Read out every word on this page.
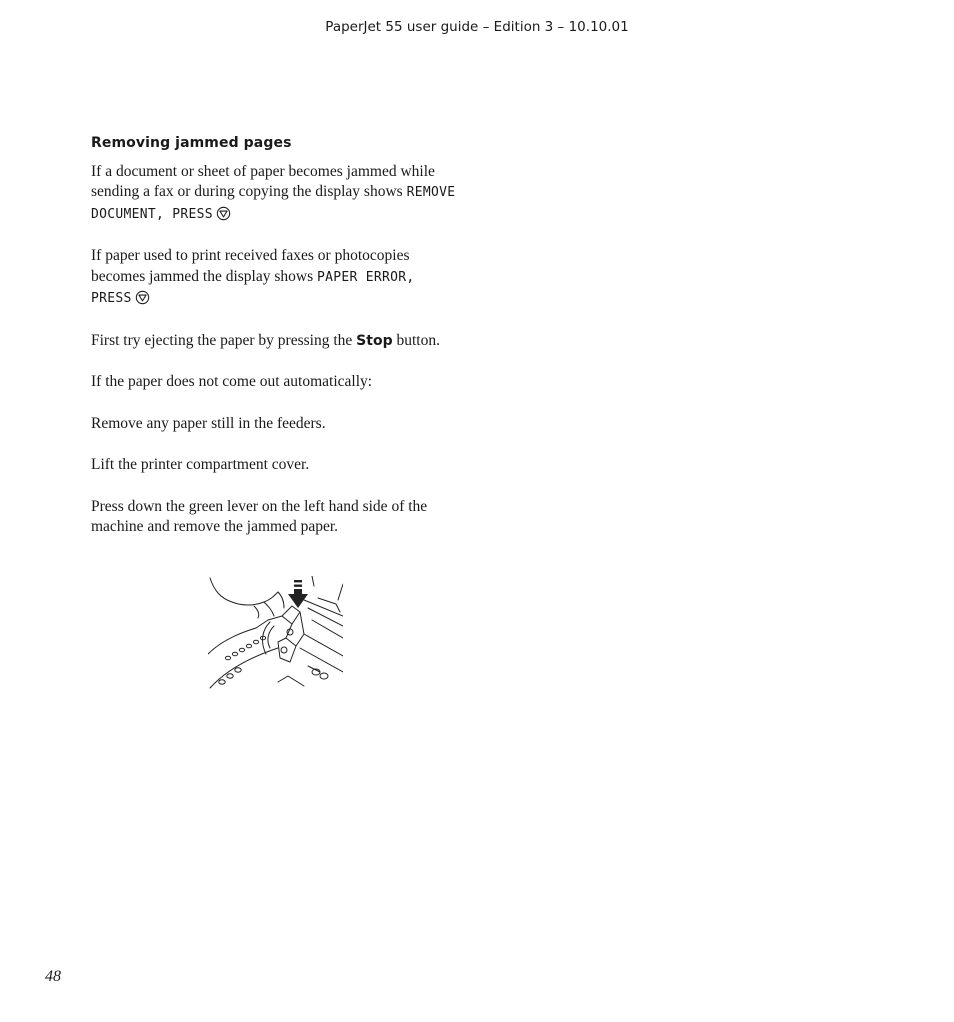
PaperJet 55 user guide – Edition 3 – 10.10.01
Removing jammed pages
If a document or sheet of paper becomes jammed while sending a fax or during copying the display shows REMOVE DOCUMENT, PRESS
If paper used to print received faxes or photocopies becomes jammed the display shows PAPER ERROR, PRESS
First try ejecting the paper by pressing the Stop button.
If the paper does not come out automatically:
Remove any paper still in the feeders.
Lift the printer compartment cover.
Press down the green lever on the left hand side of the machine and remove the jammed paper.
48
